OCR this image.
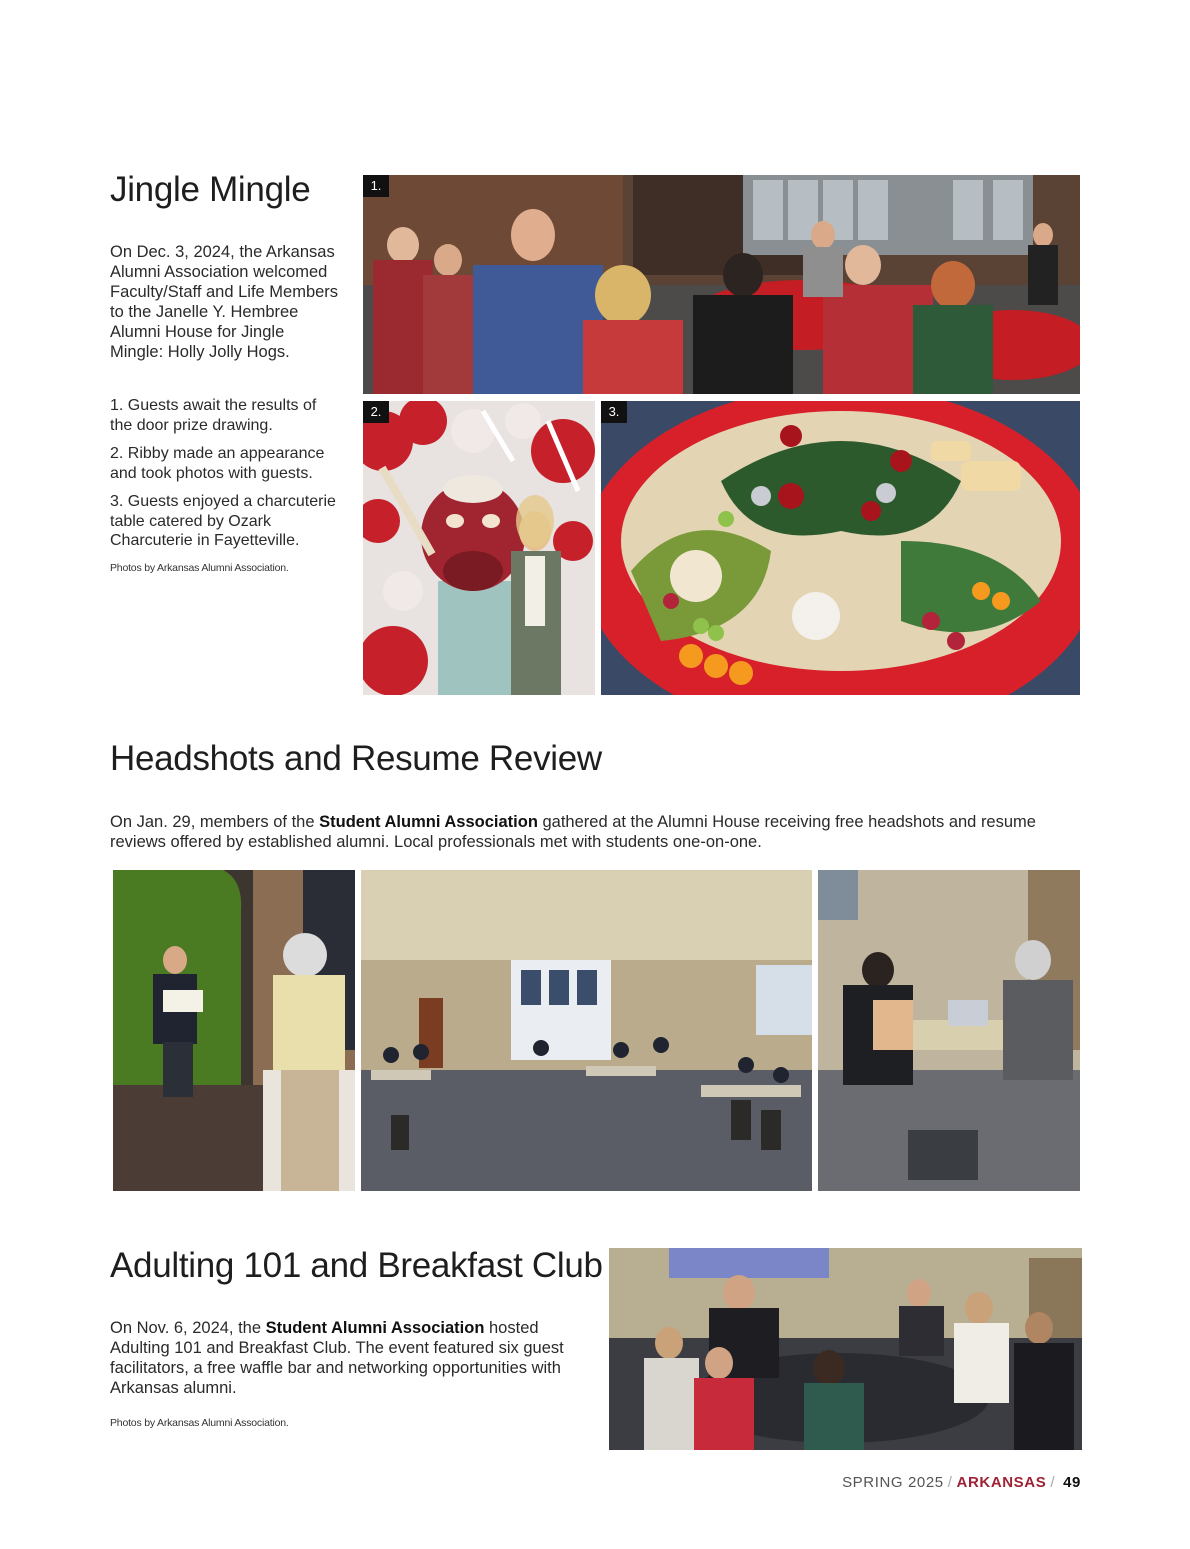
Jingle Mingle

On Dec. 3, 2024, the Arkansas Alumni Association welcomed Faculty/Staff and Life Members to the Janelle Y. Hembree Alumni House for Jingle Mingle: Holly Jolly Hogs.

1. Guests await the results of the door prize drawing.
2. Ribby made an appearance and took photos with guests.
3. Guests enjoyed a charcuterie table catered by Ozark Charcuterie in Fayetteville.
Photos by Arkansas Alumni Association.
1.
2.	3.
Headshots and Resume Review

On Jan. 29, members of the Student Alumni Association gathered at the Alumni House receiving free headshots and resume reviews offered by established alumni. Local professionals met with students one-on-one.

Adulting 101 and Breakfast Club

On Nov. 6, 2024, the Student Alumni Association hosted Adulting 101 and Breakfast Club. The event featured six guest facilitators, a free waffle bar and networking opportunities with Arkansas alumni.

Photos by Arkansas Alumni Association.
SPRING 2025 / ARKANSAS / 49
